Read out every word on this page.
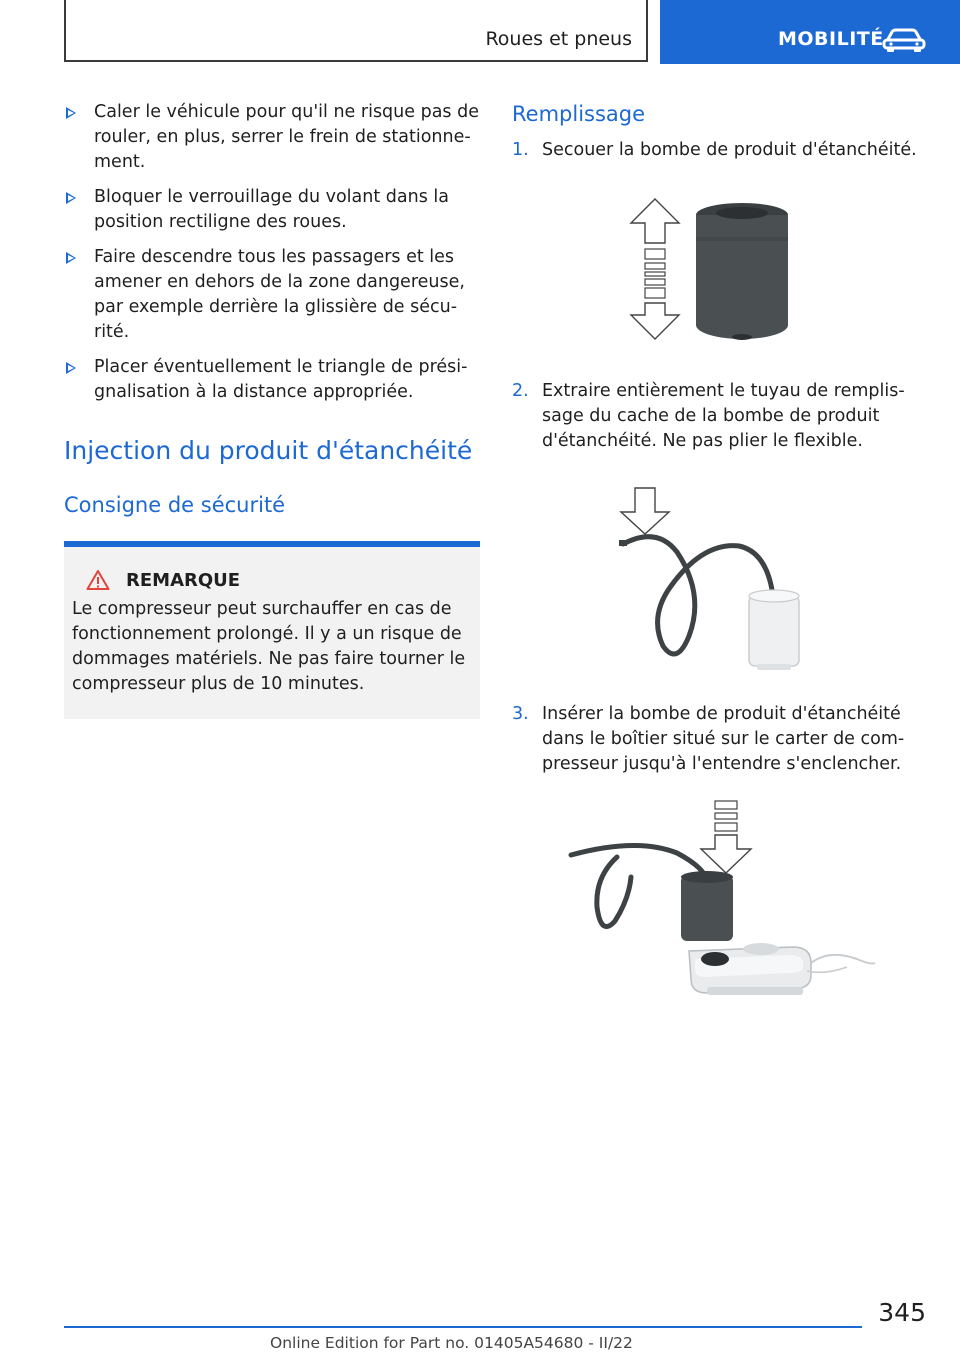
Roues et pneus	MOBILITÉ
Caler le véhicule pour qu'il ne risque pas de rouler, en plus, serrer le frein de stationnement.
Bloquer le verrouillage du volant dans la position rectiligne des roues.
Faire descendre tous les passagers et les amener en dehors de la zone dangereuse, par exemple derrière la glissière de sécurité.
Placer éventuellement le triangle de présignalisation à la distance appropriée.
Injection du produit d'étanchéité
Consigne de sécurité
REMARQUE
Le compresseur peut surchauffer en cas de fonctionnement prolongé. Il y a un risque de dommages matériels. Ne pas faire tourner le compresseur plus de 10 minutes.
Remplissage
1. Secouer la bombe de produit d'étanchéité.
2. Extraire entièrement le tuyau de remplissage du cache de la bombe de produit d'étanchéité. Ne pas plier le flexible.
3. Insérer la bombe de produit d'étanchéité dans le boîtier situé sur le carter de compresseur jusqu'à l'entendre s'enclencher.
345
Online Edition for Part no. 01405A54680 - II/22
